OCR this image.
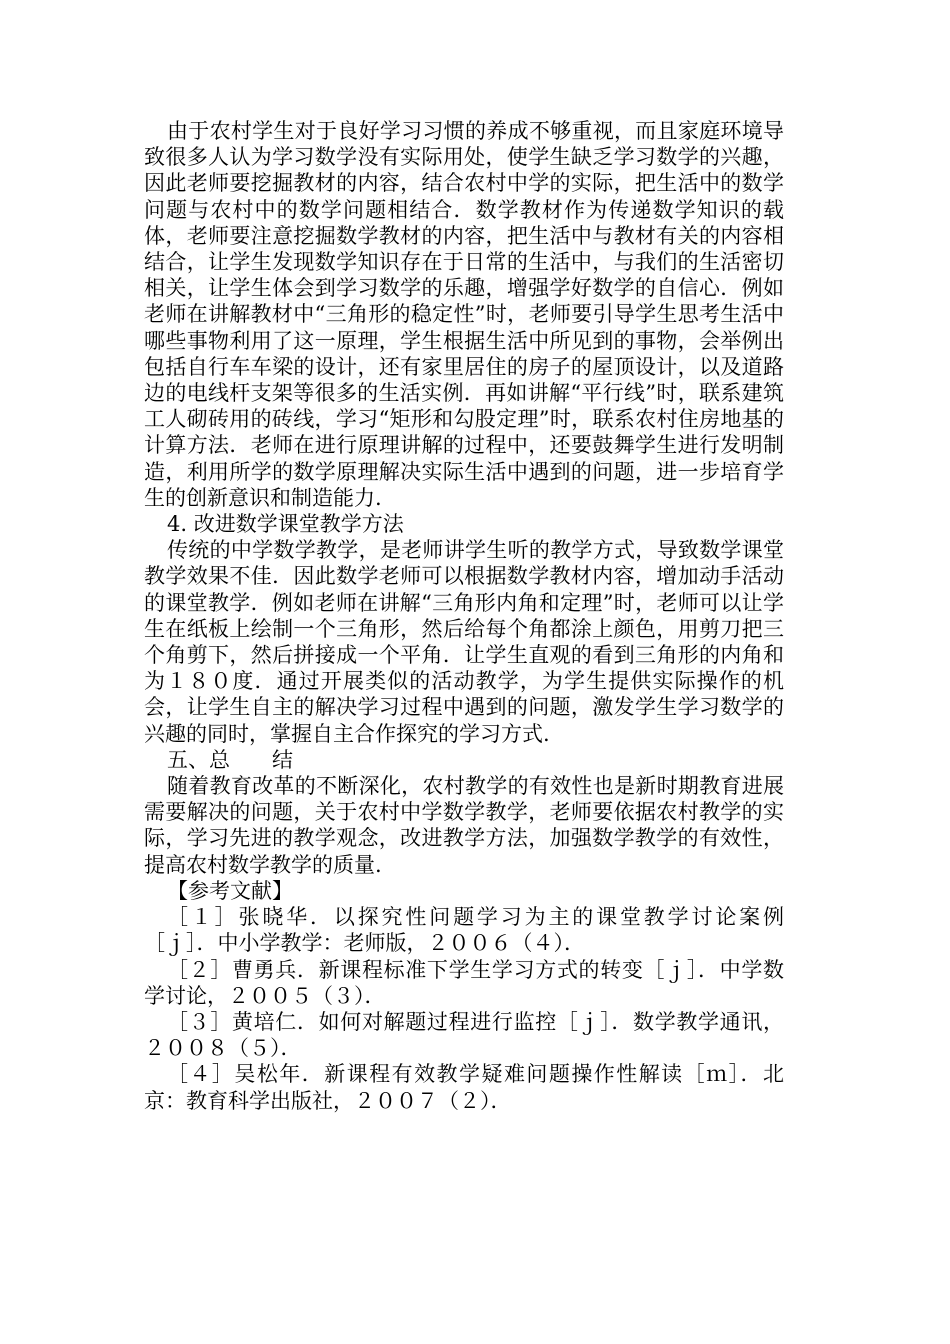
由于农村学生对于良好学习习惯的养成不够重视，而且家庭环境导致很多人认为学习数学没有实际用处，使学生缺乏学习数学的兴趣，因此老师要挖掘教材的内容，结合农村中学的实际，把生活中的数学问题与农村中的数学问题相结合．数学教材作为传递数学知识的载体，老师要注意挖掘数学教材的内容，把生活中与教材有关的内容相结合，让学生发现数学知识存在于日常的生活中，与我们的生活密切相关，让学生体会到学习数学的乐趣，增强学好数学的自信心．例如老师在讲解教材中“三角形的稳定性”时，老师要引导学生思考生活中哪些事物利用了这一原理，学生根据生活中所见到的事物，会举例出包括自行车车梁的设计，还有家里居住的房子的屋顶设计，以及道路边的电线杆支架等很多的生活实例．再如讲解“平行线”时，联系建筑工人砌砖用的砖线，学习“矩形和勾股定理”时，联系农村住房地基的计算方法．老师在进行原理讲解的过程中，还要鼓舞学生进行发明制造，利用所学的数学原理解决实际生活中遇到的问题，进一步培育学生的创新意识和制造能力.

4. 改进数学课堂教学方法

传统的中学数学教学，是老师讲学生听的教学方式，导致数学课堂教学效果不佳．因此数学老师可以根据数学教材内容，增加动手活动的课堂教学．例如老师在讲解“三角形内角和定理”时，老师可以让学生在纸板上绘制一个三角形，然后给每个角都涂上颜色，用剪刀把三个角剪下，然后拼接成一个平角．让学生直观的看到三角形的内角和为１８０度．通过开展类似的活动教学，为学生提供实际操作的机会，让学生自主的解决学习过程中遇到的问题，激发学生学习数学的兴趣的同时，掌握自主合作探究的学习方式.

五、总　　结

随着教育改革的不断深化，农村教学的有效性也是新时期教育进展需要解决的问题，关于农村中学数学教学，老师要依据农村教学的实际，学习先进的教学观念，改进教学方法，加强数学教学的有效性，提高农村数学教学的质量.

【参考文献】

［１］张晓华．以探究性问题学习为主的课堂教学讨论案例［ｊ］．中小学教学：老师版，２００６（４）．

［２］曹勇兵．新课程标准下学生学习方式的转变［ｊ］．中学数学讨论，２００５（３）．

［３］黄培仁．如何对解题过程进行监控［ｊ］．数学教学通讯，２００８（５）．

［４］吴松年．新课程有效教学疑难问题操作性解读［ｍ］．北京：教育科学出版社，２００７（２）．
